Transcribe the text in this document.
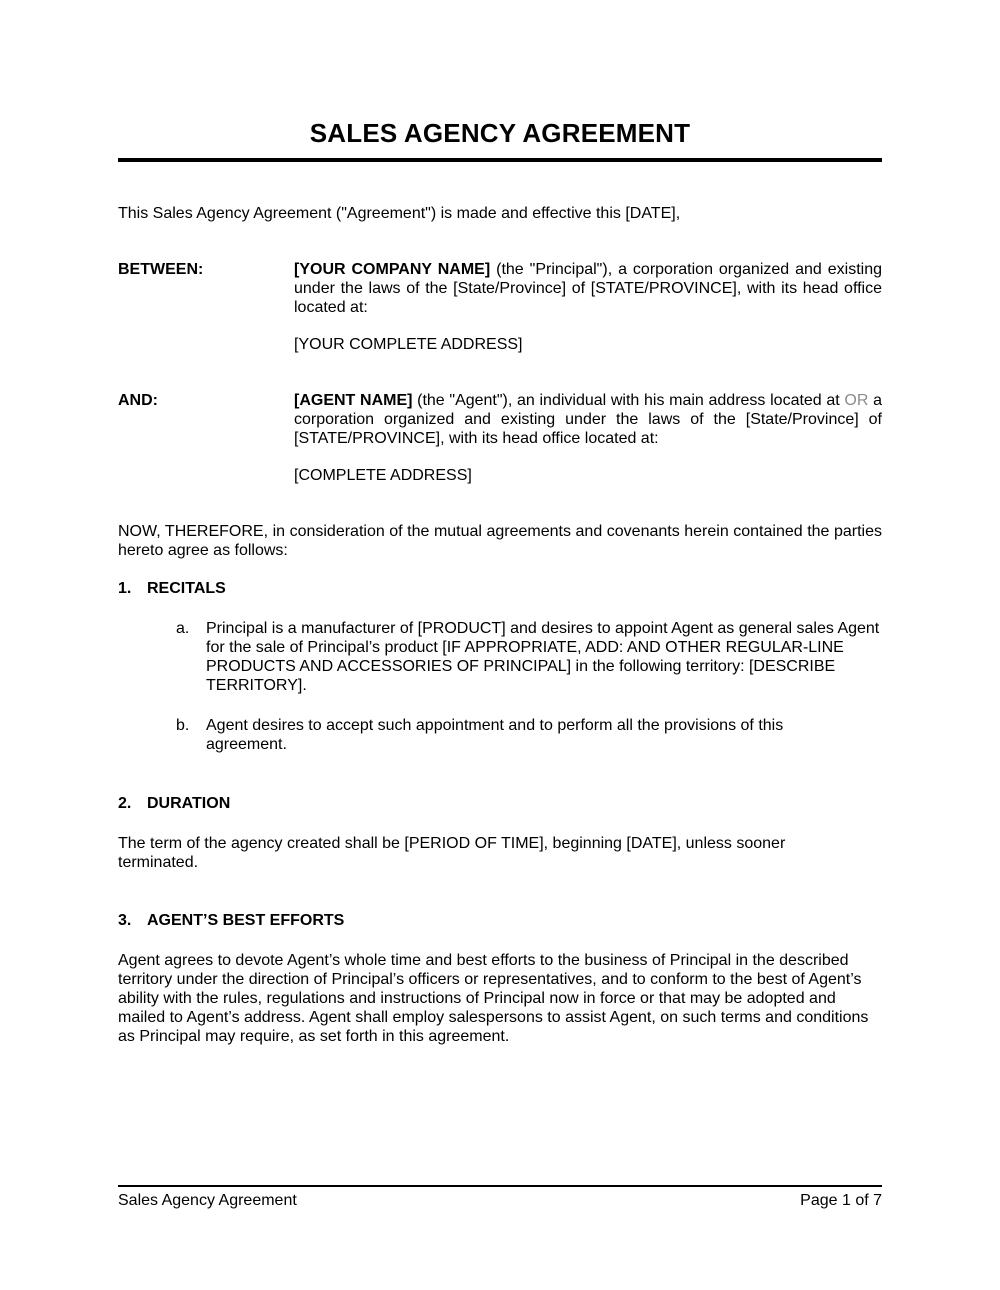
SALES AGENCY AGREEMENT
This Sales Agency Agreement ("Agreement") is made and effective this [DATE],
BETWEEN:	[YOUR COMPANY NAME] (the "Principal"), a corporation organized and existing under the laws of the [State/Province] of [STATE/PROVINCE], with its head office located at:
[YOUR COMPLETE ADDRESS]
AND:	[AGENT NAME] (the "Agent"), an individual with his main address located at OR a corporation organized and existing under the laws of the [State/Province] of [STATE/PROVINCE], with its head office located at:
[COMPLETE ADDRESS]
NOW, THEREFORE, in consideration of the mutual agreements and covenants herein contained the parties hereto agree as follows:
1. RECITALS
a. Principal is a manufacturer of [PRODUCT] and desires to appoint Agent as general sales Agent for the sale of Principal’s product [IF APPROPRIATE, ADD: AND OTHER REGULAR-LINE PRODUCTS AND ACCESSORIES OF PRINCIPAL] in the following territory: [DESCRIBE TERRITORY].
b. Agent desires to accept such appointment and to perform all the provisions of this agreement.
2. DURATION
The term of the agency created shall be [PERIOD OF TIME], beginning [DATE], unless sooner terminated.
3. AGENT’S BEST EFFORTS
Agent agrees to devote Agent’s whole time and best efforts to the business of Principal in the described territory under the direction of Principal’s officers or representatives, and to conform to the best of Agent’s ability with the rules, regulations and instructions of Principal now in force or that may be adopted and mailed to Agent’s address. Agent shall employ salespersons to assist Agent, on such terms and conditions as Principal may require, as set forth in this agreement.
Sales Agency Agreement	Page 1 of 7
